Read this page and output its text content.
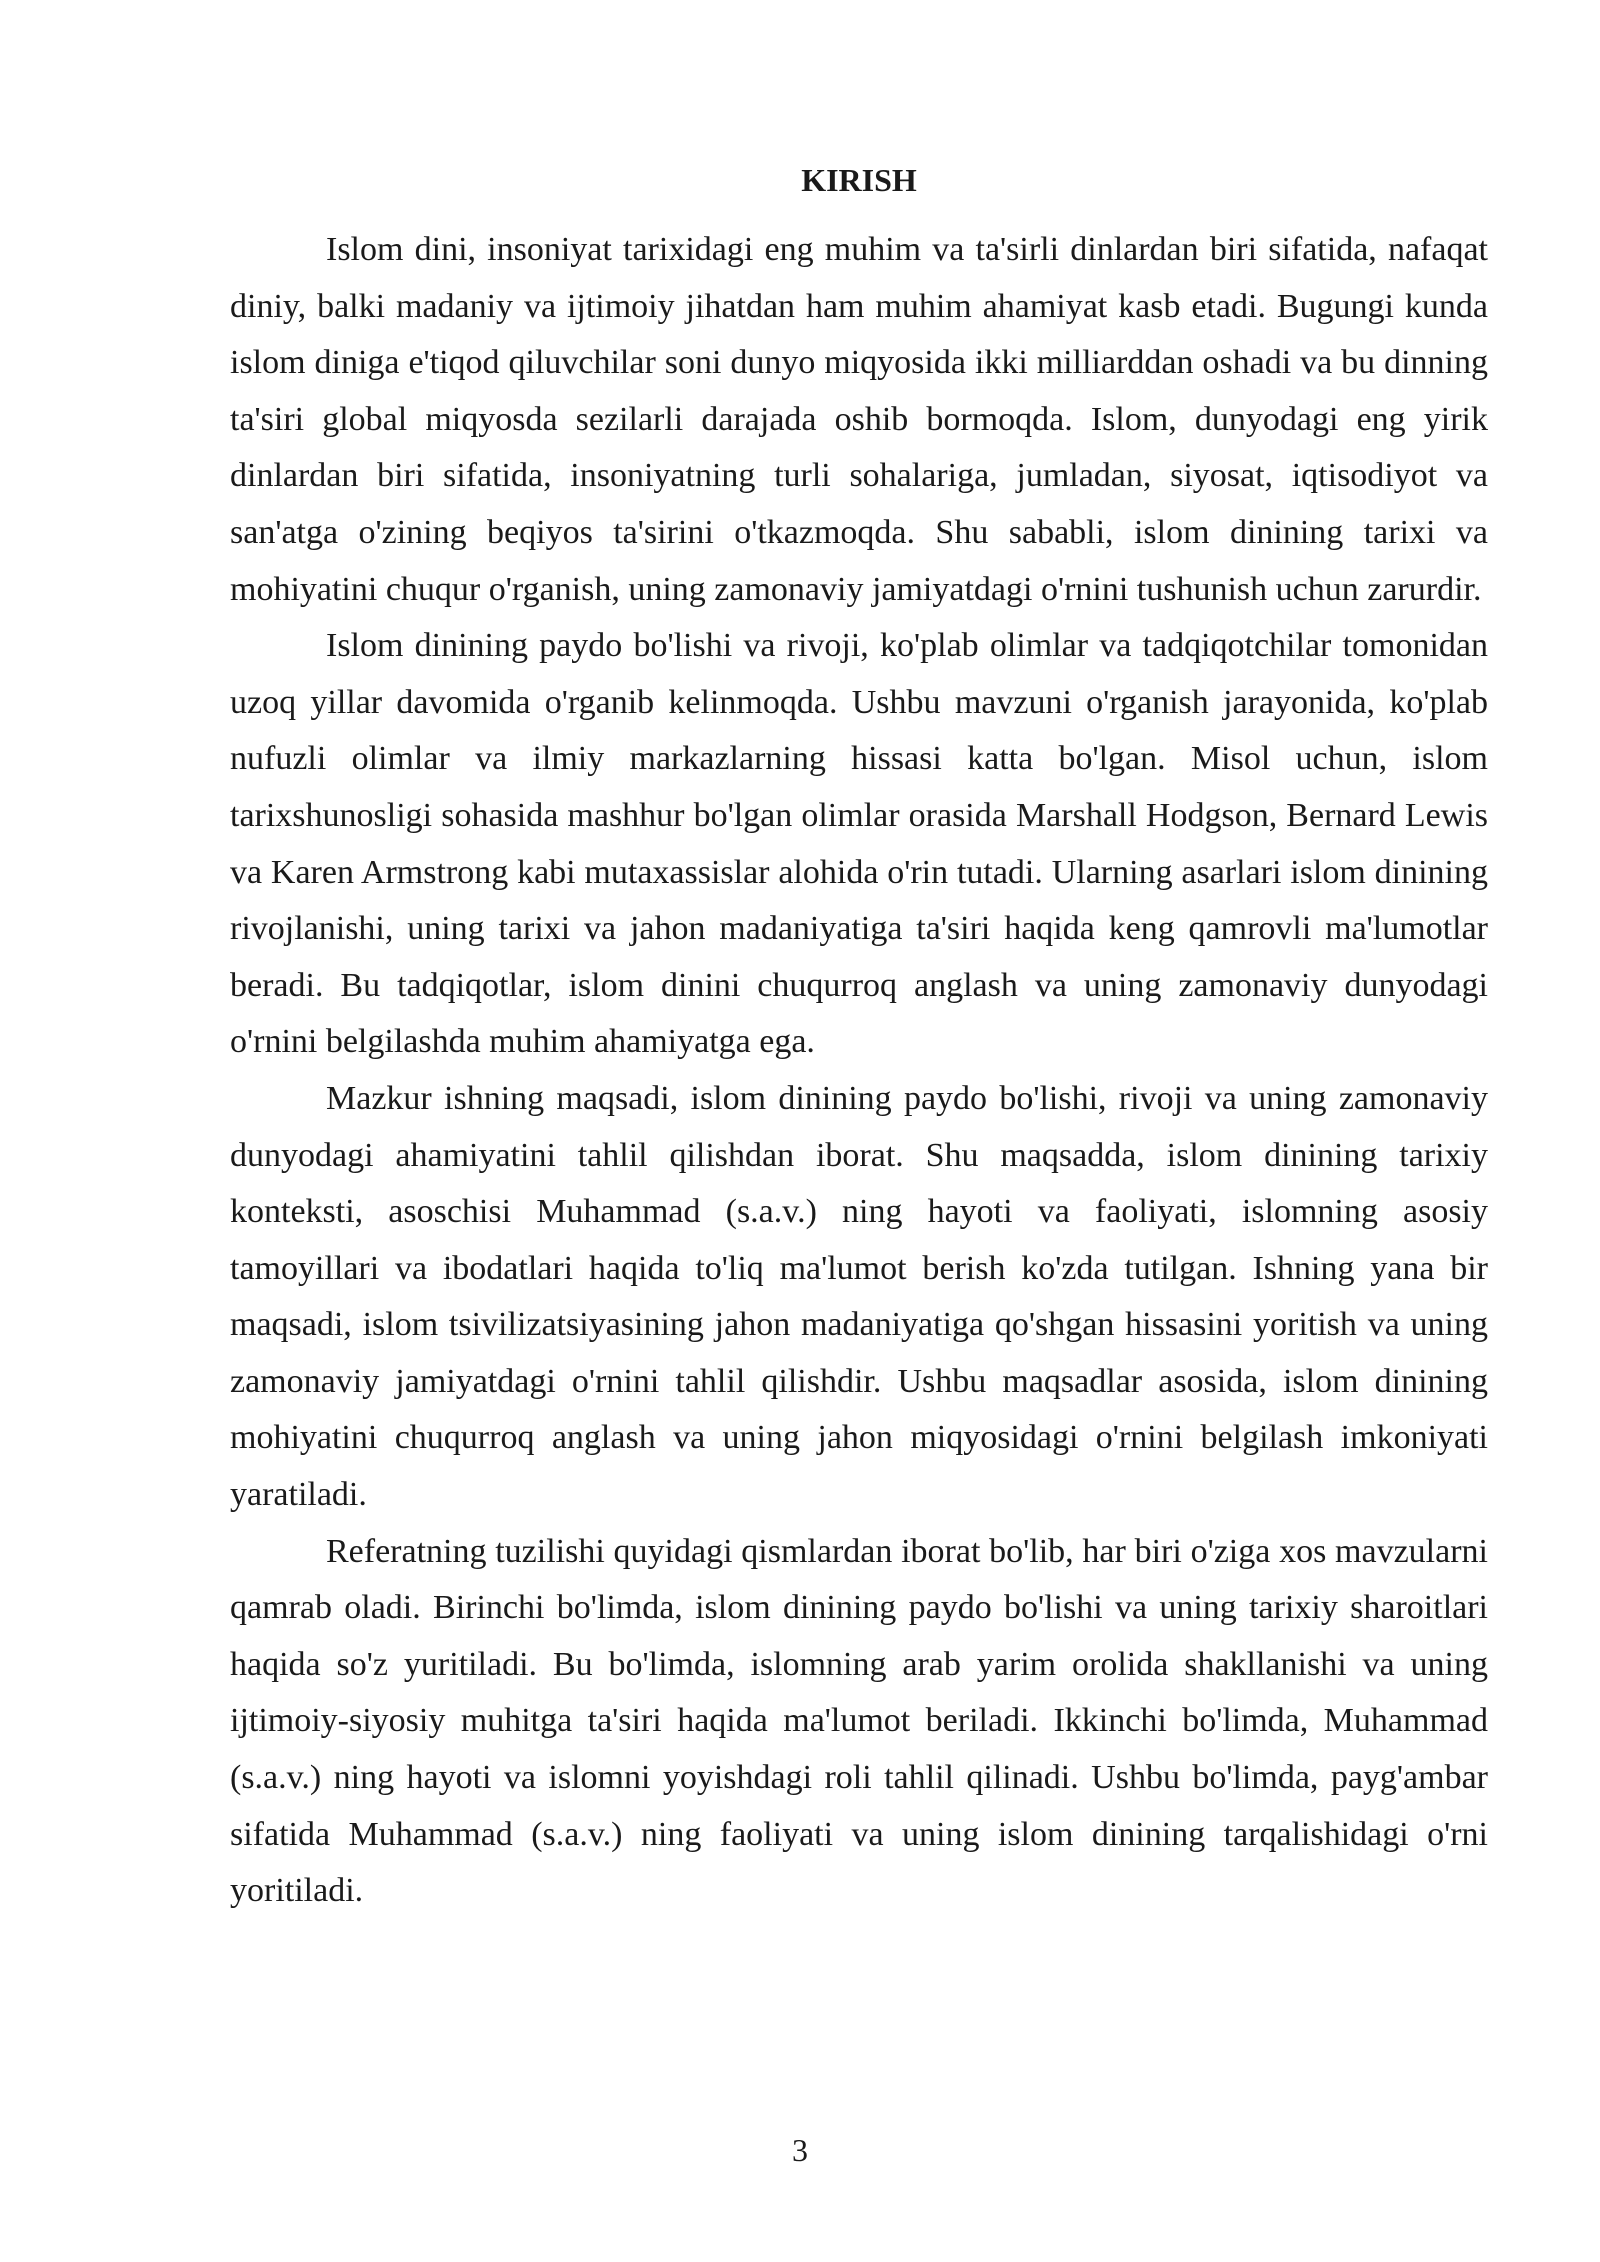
KIRISH

Islom dini, insoniyat tarixidagi eng muhim va ta'sirli dinlardan biri sifatida, nafaqat diniy, balki madaniy va ijtimoiy jihatdan ham muhim ahamiyat kasb etadi. Bugungi kunda islom diniga e'tiqod qiluvchilar soni dunyo miqyosida ikki milliarddan oshadi va bu dinning ta'siri global miqyosda sezilarli darajada oshib bormoqda. Islom, dunyodagi eng yirik dinlardan biri sifatida, insoniyatning turli sohalariga, jumladan, siyosat, iqtisodiyot va san'atga o'zining beqiyos ta'sirini o'tkazmoqda. Shu sababli, islom dinining tarixi va mohiyatini chuqur o'rganish, uning zamonaviy jamiyatdagi o'rnini tushunish uchun zarurdir.

Islom dinining paydo bo'lishi va rivoji, ko'plab olimlar va tadqiqotchilar tomonidan uzoq yillar davomida o'rganib kelinmoqda. Ushbu mavzuni o'rganish jarayonida, ko'plab nufuzli olimlar va ilmiy markazlarning hissasi katta bo'lgan. Misol uchun, islom tarixshunosligi sohasida mashhur bo'lgan olimlar orasida Marshall Hodgson, Bernard Lewis va Karen Armstrong kabi mutaxassislar alohida o'rin tutadi. Ularning asarlari islom dinining rivojlanishi, uning tarixi va jahon madaniyatiga ta'siri haqida keng qamrovli ma'lumotlar beradi. Bu tadqiqotlar, islom dinini chuqurroq anglash va uning zamonaviy dunyodagi o'rnini belgilashda muhim ahamiyatga ega.

Mazkur ishning maqsadi, islom dinining paydo bo'lishi, rivoji va uning zamonaviy dunyodagi ahamiyatini tahlil qilishdan iborat. Shu maqsadda, islom dinining tarixiy konteksti, asoschisi Muhammad (s.a.v.) ning hayoti va faoliyati, islomning asosiy tamoyillari va ibodatlari haqida to'liq ma'lumot berish ko'zda tutilgan. Ishning yana bir maqsadi, islom tsivilizatsiyasining jahon madaniyatiga qo'shgan hissasini yoritish va uning zamonaviy jamiyatdagi o'rnini tahlil qilishdir. Ushbu maqsadlar asosida, islom dinining mohiyatini chuqurroq anglash va uning jahon miqyosidagi o'rnini belgilash imkoniyati yaratiladi.

Referatning tuzilishi quyidagi qismlardan iborat bo'lib, har biri o'ziga xos mavzularni qamrab oladi. Birinchi bo'limda, islom dinining paydo bo'lishi va uning tarixiy sharoitlari haqida so'z yuritiladi. Bu bo'limda, islomning arab yarim orolida shakllanishi va uning ijtimoiy-siyosiy muhitga ta'siri haqida ma'lumot beriladi. Ikkinchi bo'limda, Muhammad (s.a.v.) ning hayoti va islomni yoyishdagi roli tahlil qilinadi. Ushbu bo'limda, payg'ambar sifatida Muhammad (s.a.v.) ning faoliyati va uning islom dinining tarqalishidagi o'rni yoritiladi.

3
